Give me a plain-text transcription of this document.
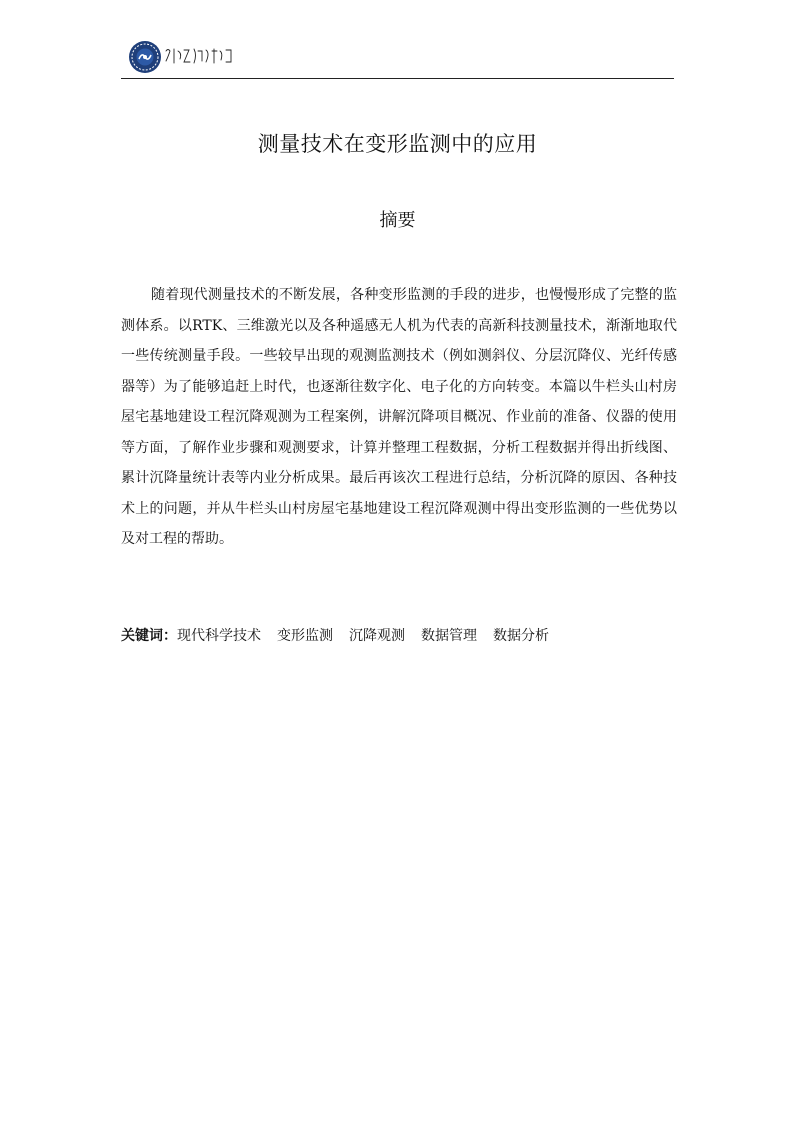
测量技术在变形监测中的应用
摘要

随着现代测量技术的不断发展，各种变形监测的手段的进步，也慢慢形成了完整的监测体系。以RTK、三维激光以及各种遥感无人机为代表的高新科技测量技术，渐渐地取代一些传统测量手段。一些较早出现的观测监测技术（例如测斜仪、分层沉降仪、光纤传感器等）为了能够追赶上时代，也逐渐往数字化、电子化的方向转变。本篇以牛栏头山村房屋宅基地建设工程沉降观测为工程案例，讲解沉降项目概况、作业前的准备、仪器的使用等方面，了解作业步骤和观测要求，计算并整理工程数据，分析工程数据并得出折线图、累计沉降量统计表等内业分析成果。最后再该次工程进行总结，分析沉降的原因、各种技术上的问题，并从牛栏头山村房屋宅基地建设工程沉降观测中得出变形监测的一些优势以及对工程的帮助。

关键词：现代科学技术 变形监测 沉降观测 数据管理 数据分析
